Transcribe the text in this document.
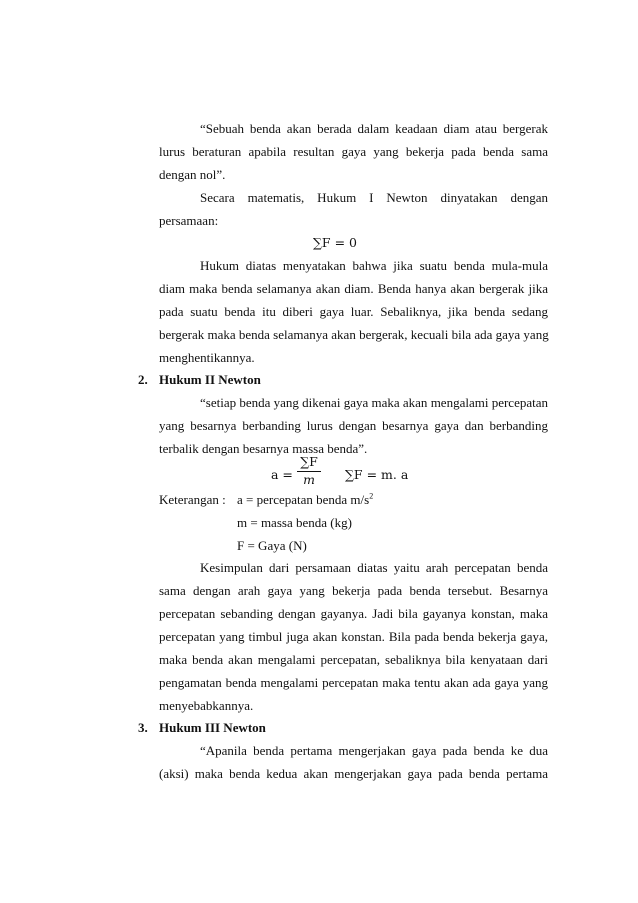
“Sebuah benda akan berada dalam keadaan diam atau bergerak
lurus beraturan apabila resultan gaya yang bekerja pada benda sama
dengan nol”.
Secara matematis, Hukum I Newton dinyatakan dengan
persamaan:
∑F = 0
Hukum diatas menyatakan bahwa jika suatu benda mula-mula
diam maka benda selamanya akan diam. Benda hanya akan bergerak jika
pada suatu benda itu diberi gaya luar. Sebaliknya, jika benda sedang
bergerak maka benda selamanya akan bergerak, kecuali bila ada gaya yang
menghentikannya.
2. Hukum II Newton
“setiap benda yang dikenai gaya maka akan mengalami percepatan
yang besarnya berbanding lurus dengan besarnya gaya dan berbanding
terbalik dengan besarnya massa benda”.
a =
∑F
m	∑F = m. a
Keterangan : a = percepatan benda $m/s^2$
m = massa benda (kg)
F = Gaya (N)
Kesimpulan dari persamaan diatas yaitu arah percepatan benda
sama dengan arah gaya yang bekerja pada benda tersebut. Besarnya
percepatan sebanding dengan gayanya. Jadi bila gayanya konstan, maka
percepatan yang timbul juga akan konstan. Bila pada benda bekerja gaya,
maka benda akan mengalami percepatan, sebaliknya bila kenyataan dari
pengamatan benda mengalami percepatan maka tentu akan ada gaya yang
menyebabkannya.
3. Hukum III Newton
“Apanila benda pertama mengerjakan gaya pada benda ke dua
(aksi) maka benda kedua akan mengerjakan gaya pada benda pertama
